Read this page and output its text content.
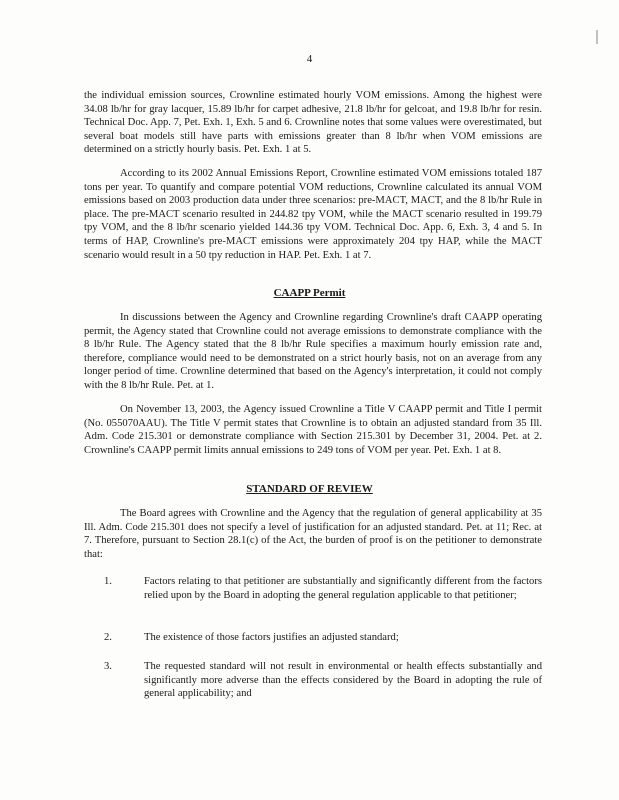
4

the individual emission sources, Crownline estimated hourly VOM emissions. Among the highest were 34.08 lb/hr for gray lacquer, 15.89 lb/hr for carpet adhesive, 21.8 lb/hr for gelcoat, and 19.8 lb/hr for resin. Technical Doc. App. 7, Pet. Exh. 1, Exh. 5 and 6. Crownline notes that some values were overestimated, but several boat models still have parts with emissions greater than 8 lb/hr when VOM emissions are determined on a strictly hourly basis. Pet. Exh. 1 at 5.

According to its 2002 Annual Emissions Report, Crownline estimated VOM emissions totaled 187 tons per year. To quantify and compare potential VOM reductions, Crownline calculated its annual VOM emissions based on 2003 production data under three scenarios: pre-MACT, MACT, and the 8 lb/hr Rule in place. The pre-MACT scenario resulted in 244.82 tpy VOM, while the MACT scenario resulted in 199.79 tpy VOM, and the 8 lb/hr scenario yielded 144.36 tpy VOM. Technical Doc. App. 6, Exh. 3, 4 and 5. In terms of HAP, Crownline's pre-MACT emissions were approximately 204 tpy HAP, while the MACT scenario would result in a 50 tpy reduction in HAP. Pet. Exh. 1 at 7.

CAAPP Permit

In discussions between the Agency and Crownline regarding Crownline's draft CAAPP operating permit, the Agency stated that Crownline could not average emissions to demonstrate compliance with the 8 lb/hr Rule. The Agency stated that the 8 lb/hr Rule specifies a maximum hourly emission rate and, therefore, compliance would need to be demonstrated on a strict hourly basis, not on an average from any longer period of time. Crownline determined that based on the Agency's interpretation, it could not comply with the 8 lb/hr Rule. Pet. at 1.

On November 13, 2003, the Agency issued Crownline a Title V CAAPP permit and Title I permit (No. 055070AAU). The Title V permit states that Crownline is to obtain an adjusted standard from 35 Ill. Adm. Code 215.301 or demonstrate compliance with Section 215.301 by December 31, 2004. Pet. at 2. Crownline's CAAPP permit limits annual emissions to 249 tons of VOM per year. Pet. Exh. 1 at 8.

STANDARD OF REVIEW

The Board agrees with Crownline and the Agency that the regulation of general applicability at 35 Ill. Adm. Code 215.301 does not specify a level of justification for an adjusted standard. Pet. at 11; Rec. at 7. Therefore, pursuant to Section 28.1(c) of the Act, the burden of proof is on the petitioner to demonstrate that:

1.	Factors relating to that petitioner are substantially and significantly different from the factors relied upon by the Board in adopting the general regulation applicable to that petitioner;
2.	The existence of those factors justifies an adjusted standard;
3.	The requested standard will not result in environmental or health effects substantially and significantly more adverse than the effects considered by the Board in adopting the rule of general applicability; and
